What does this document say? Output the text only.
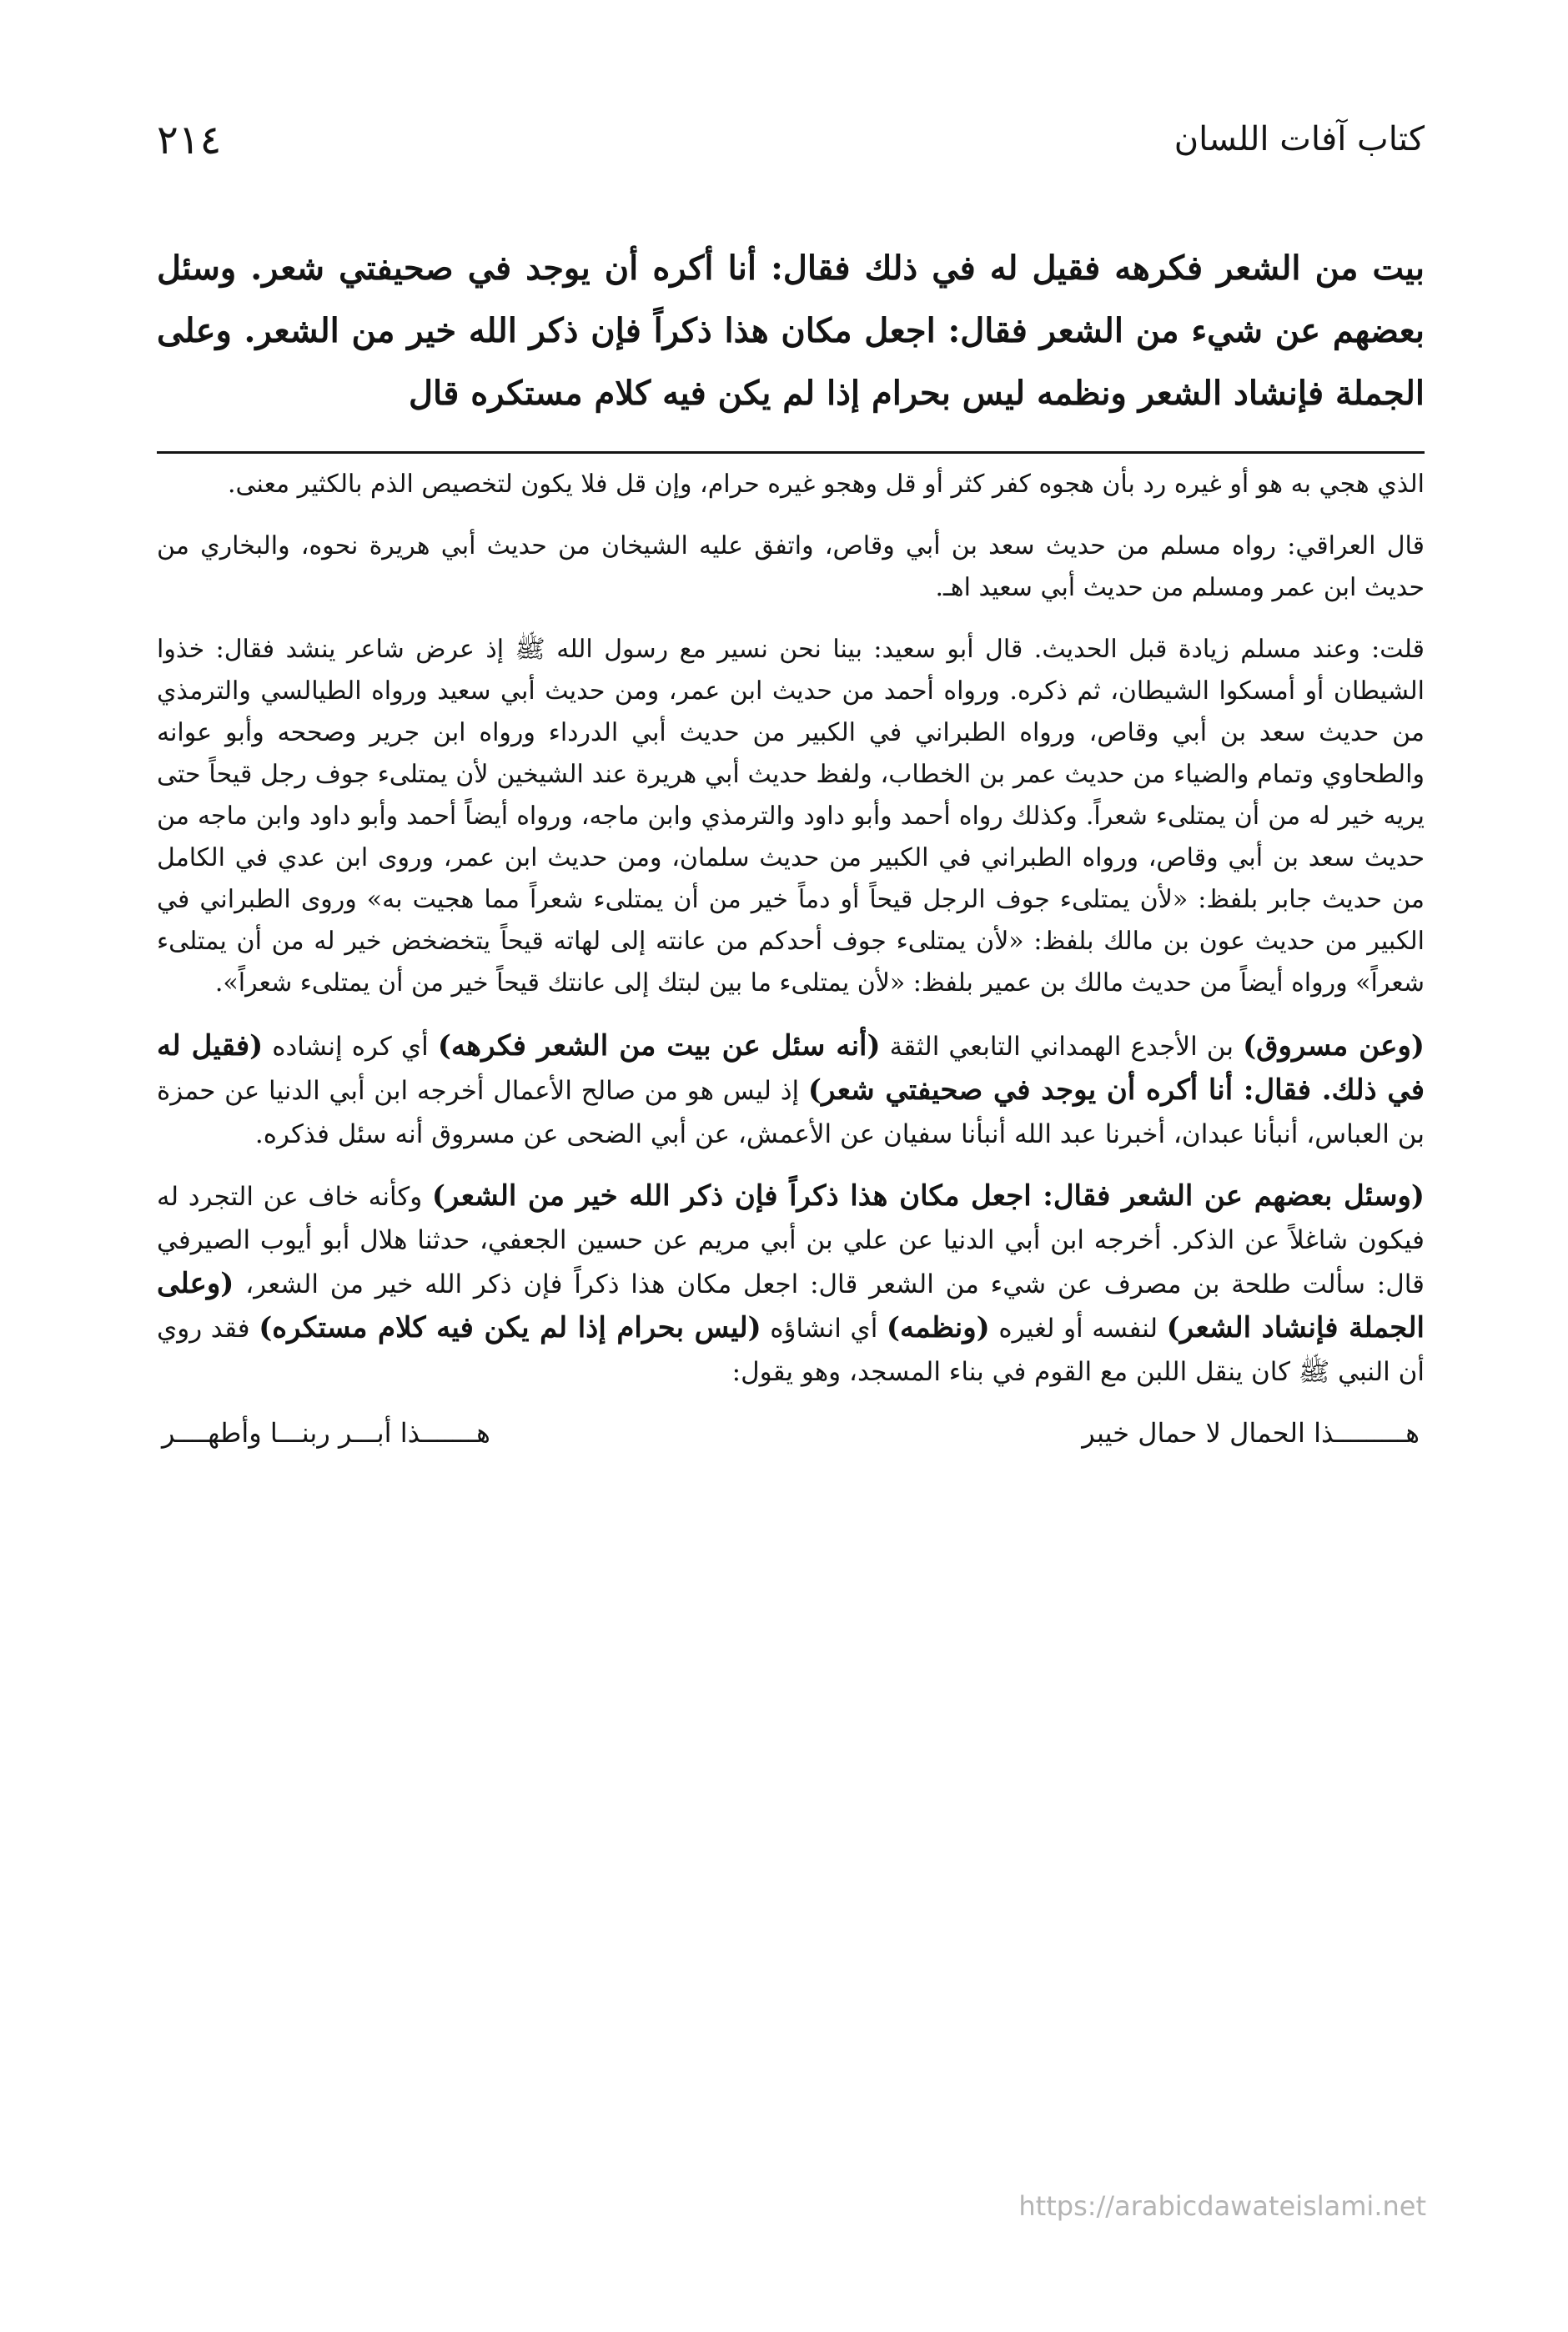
٢١٤	كتاب آفات اللسان
بيت من الشعر فكرهه فقيل له في ذلك فقال: أنا أكره أن يوجد في صحيفتي شعر. وسئل بعضهم عن شيء من الشعر فقال: اجعل مكان هذا ذكراً فإن ذكر الله خير من الشعر. وعلى الجملة فإنشاد الشعر ونظمه ليس بحرام إذا لم يكن فيه كلام مستكره قال

الذي هجي به هو أو غيره رد بأن هجوه كفر كثر أو قل وهجو غيره حرام، وإن قل فلا يكون لتخصيص الذم بالكثير معنى.

قال العراقي: رواه مسلم من حديث سعد بن أبي وقاص، واتفق عليه الشيخان من حديث أبي هريرة نحوه، والبخاري من حديث ابن عمر ومسلم من حديث أبي سعيد اهـ.

قلت: وعند مسلم زيادة قبل الحديث. قال أبو سعيد: بينا نحن نسير مع رسول الله ﷺ إذ عرض شاعر ينشد فقال: خذوا الشيطان أو أمسكوا الشيطان، ثم ذكره. ورواه أحمد من حديث ابن عمر، ومن حديث أبي سعيد ورواه الطيالسي والترمذي من حديث سعد بن أبي وقاص، ورواه الطبراني في الكبير من حديث أبي الدرداء ورواه ابن جرير وصححه وأبو عوانه والطحاوي وتمام والضياء من حديث عمر بن الخطاب، ولفظ حديث أبي هريرة عند الشيخين لأن يمتلىء جوف رجل قيحاً حتى يريه خير له من أن يمتلىء شعراً. وكذلك رواه أحمد وأبو داود والترمذي وابن ماجه، ورواه أيضاً أحمد وأبو داود وابن ماجه من حديث سعد بن أبي وقاص، ورواه الطبراني في الكبير من حديث سلمان، ومن حديث ابن عمر، وروى ابن عدي في الكامل من حديث جابر بلفظ: «لأن يمتلىء جوف الرجل قيحاً أو دماً خير من أن يمتلىء شعراً مما هجيت به» وروى الطبراني في الكبير من حديث عون بن مالك بلفظ: «لأن يمتلىء جوف أحدكم من عانته إلى لهاته قيحاً يتخضخض خير له من أن يمتلىء شعراً» ورواه أيضاً من حديث مالك بن عمير بلفظ: «لأن يمتلىء ما بين لبتك إلى عانتك قيحاً خير من أن يمتلىء شعراً».

(وعن مسروق) بن الأجدع الهمداني التابعي الثقة (أنه سئل عن بيت من الشعر فكرهه) أي كره إنشاده (فقيل له في ذلك. فقال: أنا أكره أن يوجد في صحيفتي شعر) إذ ليس هو من صالح الأعمال أخرجه ابن أبي الدنيا عن حمزة بن العباس، أنبأنا عبدان، أخبرنا عبد الله أنبأنا سفيان عن الأعمش، عن أبي الضحى عن مسروق أنه سئل فذكره.

(وسئل بعضهم عن الشعر فقال: اجعل مكان هذا ذكراً فإن ذكر الله خير من الشعر) وكأنه خاف عن التجرد له فيكون شاغلاً عن الذكر. أخرجه ابن أبي الدنيا عن علي بن أبي مريم عن حسين الجعفي، حدثنا هلال أبو أيوب الصيرفي قال: سألت طلحة بن مصرف عن شيء من الشعر قال: اجعل مكان هذا ذكراً فإن ذكر الله خير من الشعر، (وعلى الجملة فإنشاد الشعر) لنفسه أو لغيره (ونظمه) أي انشاؤه (ليس بحرام إذا لم يكن فيه كلام مستكره) فقد روي أن النبي ﷺ كان ينقل اللبن مع القوم في بناء المسجد، وهو يقول:

هـــــــــذا الحمال لا حمال خيبر
هـــــــذا أبـــر ربنـــا وأطهــــر
https://arabicdawateislami.net
